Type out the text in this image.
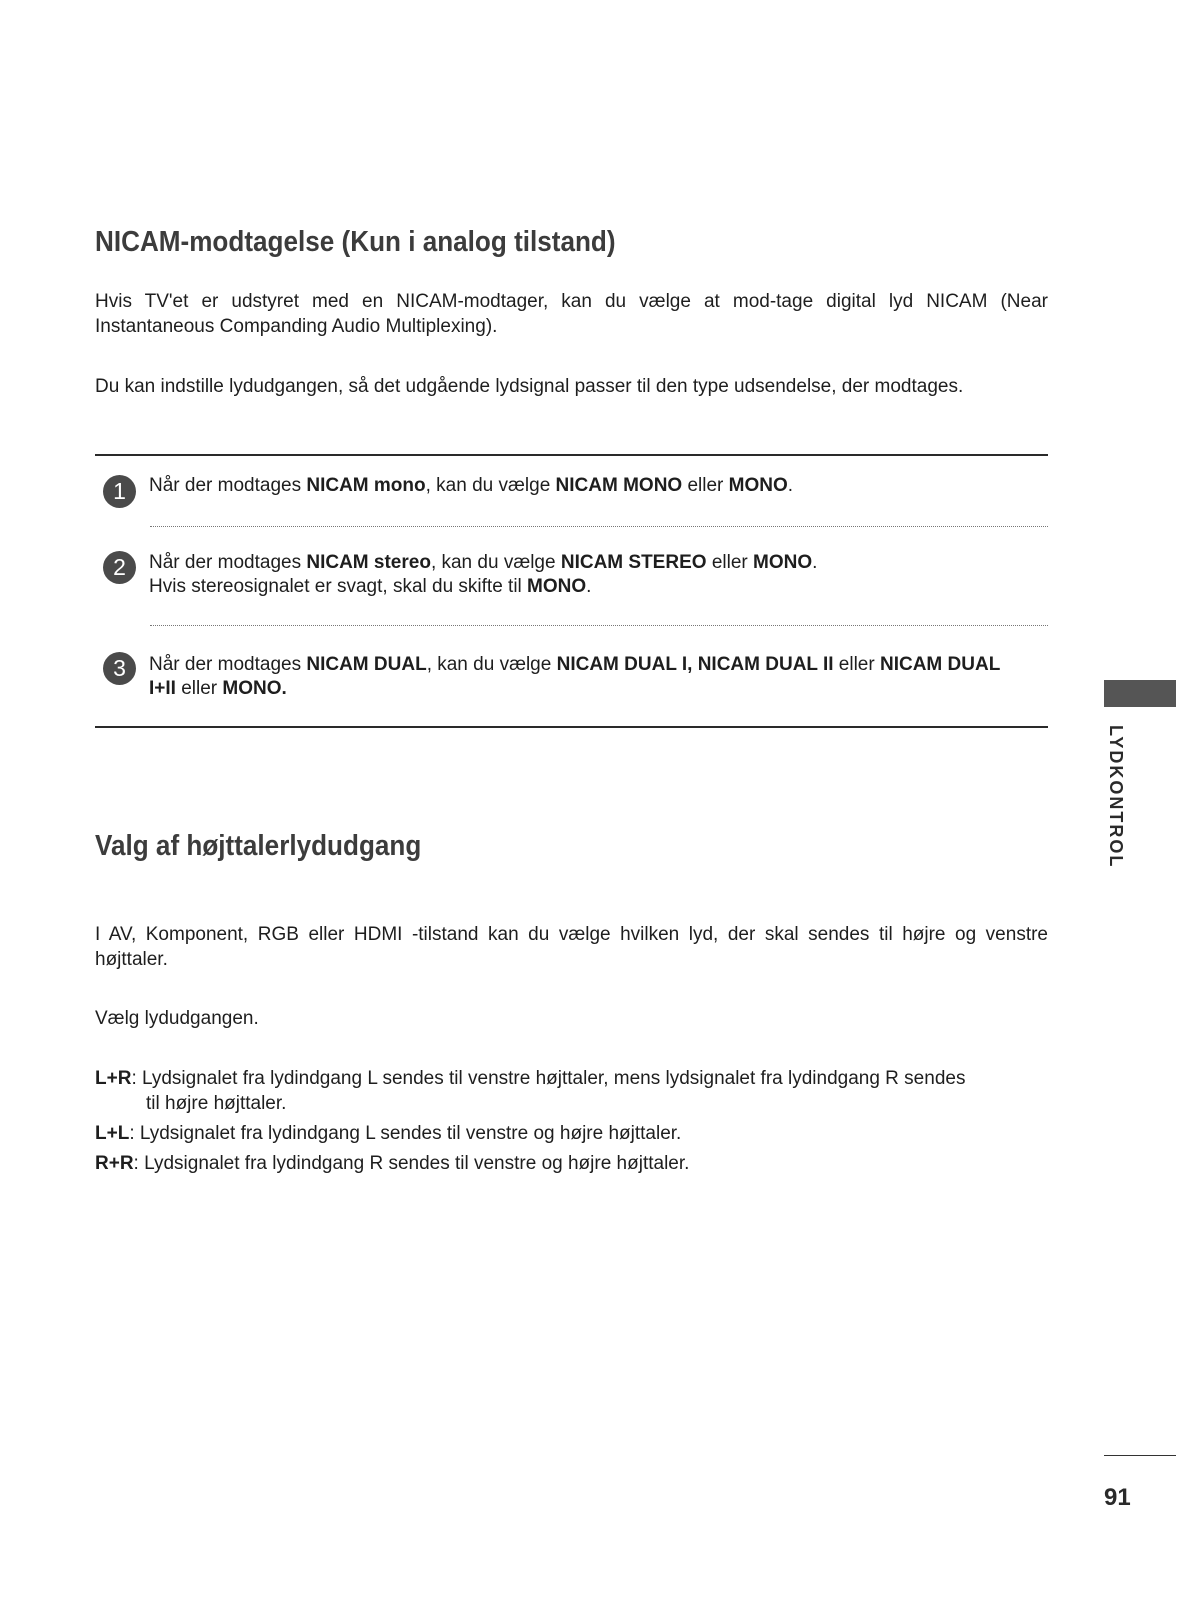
NICAM-modtagelse (Kun i analog tilstand)

Hvis TV'et er udstyret med en NICAM-modtager, kan du vælge at mod-tage digital lyd NICAM (Near Instantaneous Companding Audio Multiplexing).

Du kan indstille lydudgangen, så det udgående lydsignal passer til den type udsendelse, der modtages.

1	Når der modtages NICAM mono, kan du vælge NICAM MONO eller MONO.

2	Når der modtages NICAM stereo, kan du vælge NICAM STEREO eller MONO.
Hvis stereosignalet er svagt, skal du skifte til MONO.

3	Når der modtages NICAM DUAL, kan du vælge NICAM DUAL I, NICAM DUAL II eller NICAM DUAL I+II eller MONO.

Valg af højttalerlydudgang

I AV, Komponent, RGB eller HDMI -tilstand kan du vælge hvilken lyd, der skal sendes til højre og venstre højttaler.

Vælg lydudgangen.

L+R: Lydsignalet fra lydindgang L sendes til venstre højttaler, mens lydsignalet fra lydindgang R sendes
til højre højttaler.
L+L: Lydsignalet fra lydindgang L sendes til venstre og højre højttaler.
R+R: Lydsignalet fra lydindgang R sendes til venstre og højre højttaler.
LYDKONTROL
91
